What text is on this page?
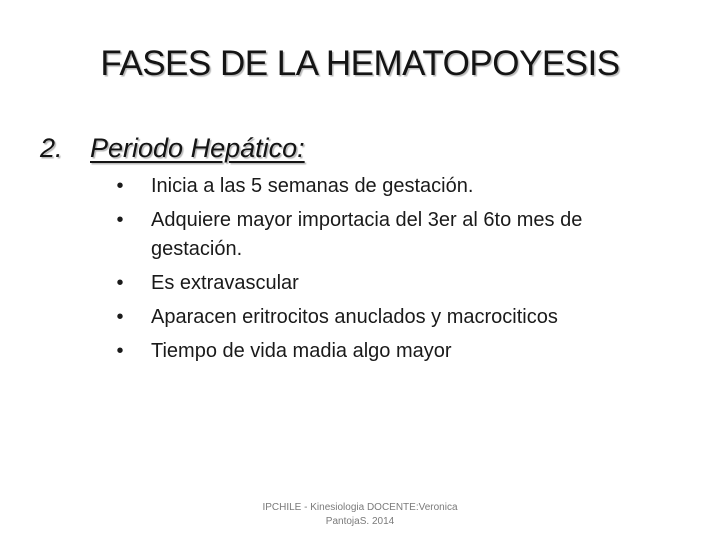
FASES DE LA HEMATOPOYESIS
2. Periodo Hepático:
•	Inicia a las 5 semanas de gestación.
•	Adquiere mayor importacia del 3er al 6to mes de gestación.
•	Es extravascular
•	Aparacen eritrocitos anuclados y macrociticos
•	Tiempo de vida madia algo mayor
IPCHILE - Kinesiologia DOCENTE:Veronica
PantojaS. 2014
